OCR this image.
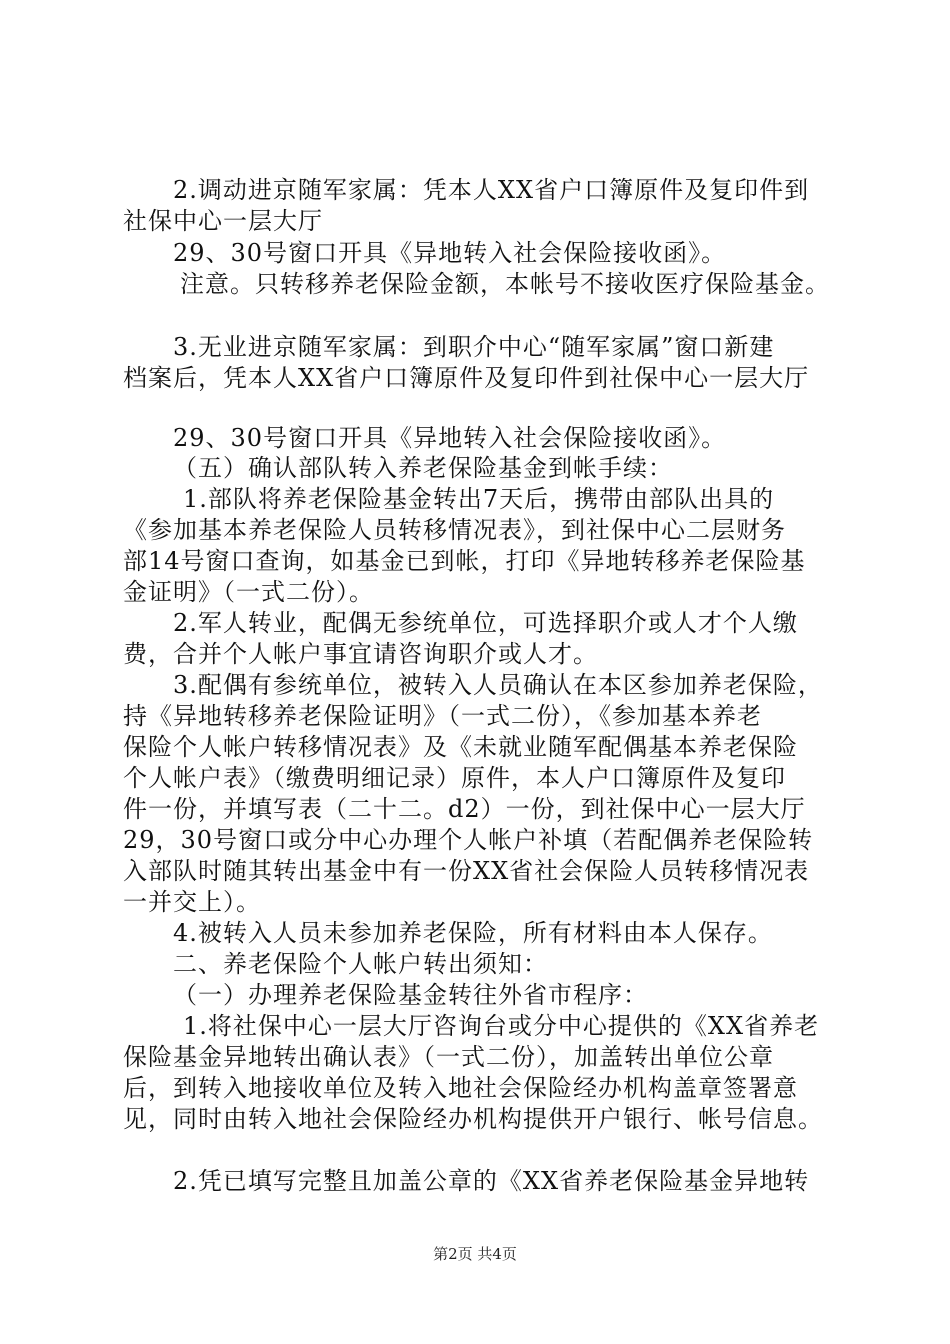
2.调动进京随军家属：凭本人XX省户口簿原件及复印件到
社保中心一层大厅
29、30号窗口开具《异地转入社会保险接收函》。
注意。只转移养老保险金额，本帐号不接收医疗保险基金。
3.无业进京随军家属：到职介中心“随军家属”窗口新建
档案后，凭本人XX省户口簿原件及复印件到社保中心一层大厅
29、30号窗口开具《异地转入社会保险接收函》。
（五）确认部队转入养老保险基金到帐手续：
1.部队将养老保险基金转出7天后，携带由部队出具的
《参加基本养老保险人员转移情况表》，到社保中心二层财务
部14号窗口查询，如基金已到帐，打印《异地转移养老保险基
金证明》（一式二份）。
2.军人转业，配偶无参统单位，可选择职介或人才个人缴
费，合并个人帐户事宜请咨询职介或人才。
3.配偶有参统单位，被转入人员确认在本区参加养老保险，
持《异地转移养老保险证明》（一式二份），《参加基本养老
保险个人帐户转移情况表》及《未就业随军配偶基本养老保险
个人帐户表》（缴费明细记录）原件，本人户口簿原件及复印
件一份，并填写表（二十二。d2）一份，到社保中心一层大厅
29，30号窗口或分中心办理个人帐户补填（若配偶养老保险转
入部队时随其转出基金中有一份XX省社会保险人员转移情况表
一并交上）。
4.被转入人员未参加养老保险，所有材料由本人保存。
二、养老保险个人帐户转出须知：
（一）办理养老保险基金转往外省市程序：
1.将社保中心一层大厅咨询台或分中心提供的《XX省养老
保险基金异地转出确认表》（一式二份），加盖转出单位公章
后，到转入地接收单位及转入地社会保险经办机构盖章签署意
见，同时由转入地社会保险经办机构提供开户银行、帐号信息。
2.凭已填写完整且加盖公章的《XX省养老保险基金异地转
第2页 共4页
